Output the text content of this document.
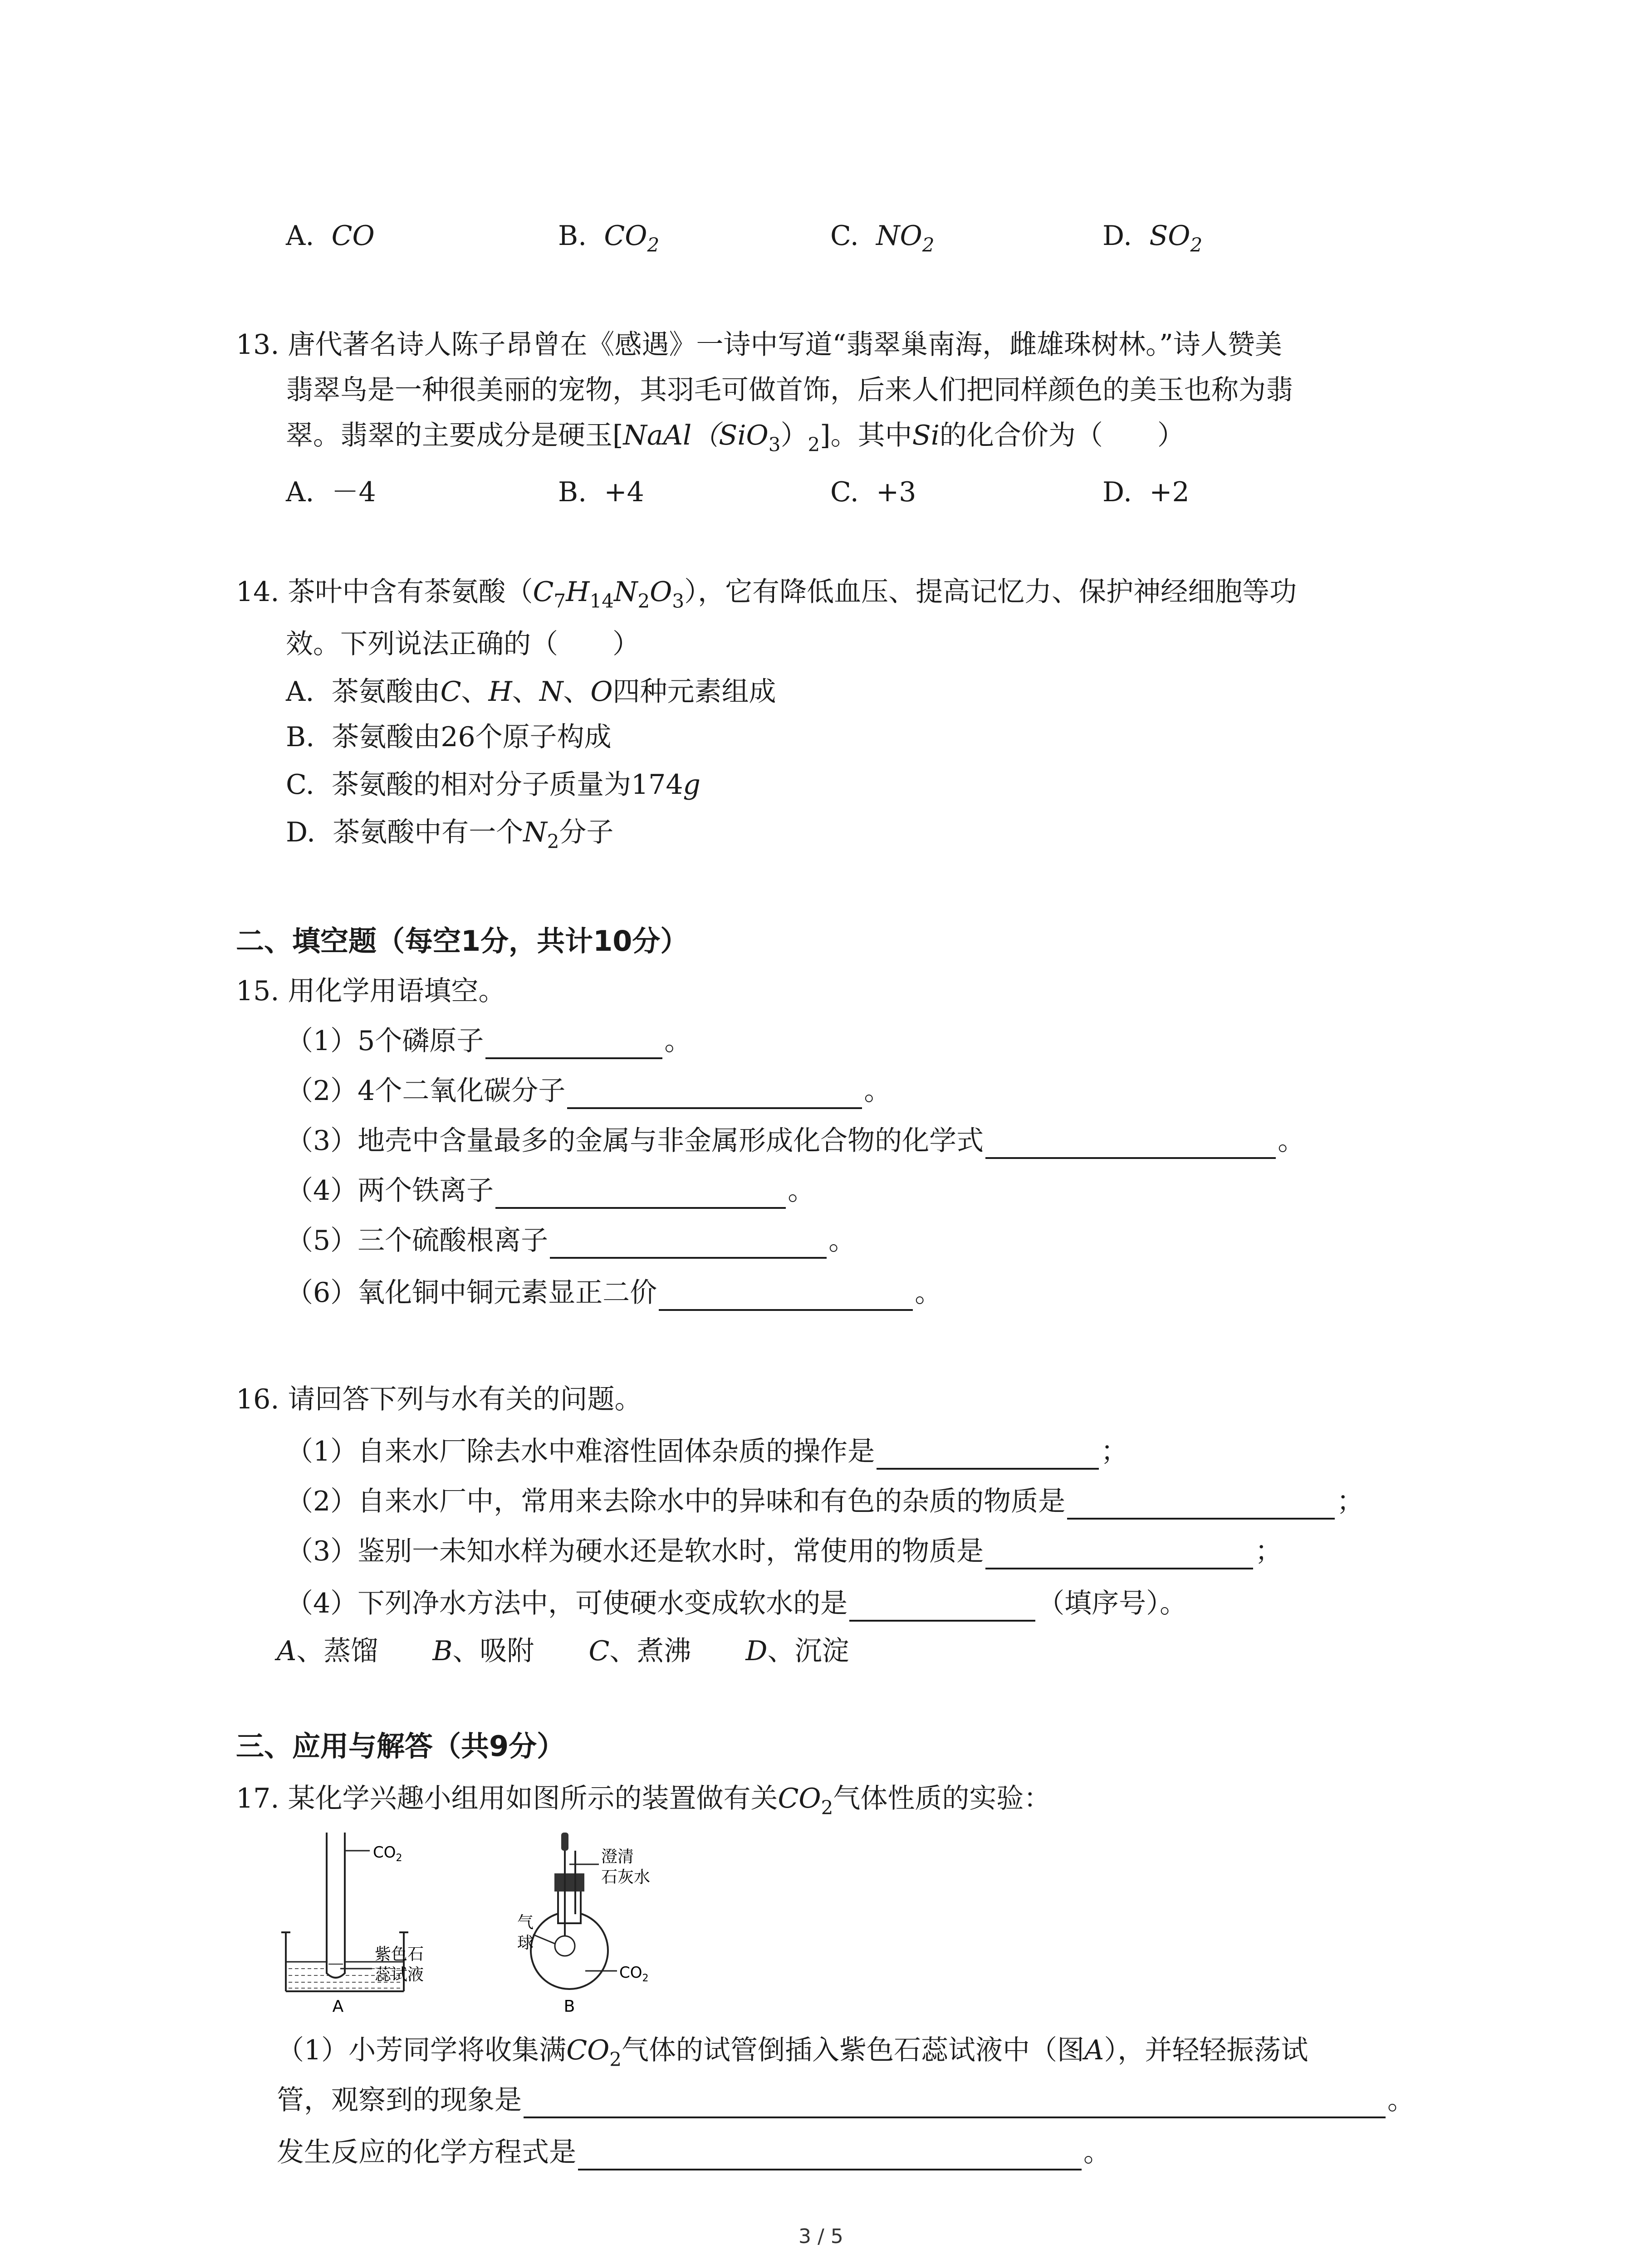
A. CO	B. $CO_2$	C. $NO_2$	D. $SO_2$
13. 唐代著名诗人陈子昂曾在《感遇》一诗中写道“翡翠巢南海，雌雄珠树林。”诗人赞美
翡翠鸟是一种很美丽的宠物，其羽毛可做首饰，后来人们把同样颜色的美玉也称为翡
翠。翡翠的主要成分是硬玉$[NaAl(SiO_3)_2]$。其中Si的化合价为（　　）
A. －4	B. +4	C. +3	D. +2
14. 茶叶中含有茶氨酸$(C_7H_{14}N_2O_3)$，它有降低血压、提高记忆力、保护神经细胞等功
效。下列说法正确的（　　）
A. 茶氨酸由C、H、N、O四种元素组成
B. 茶氨酸由26个原子构成
C. 茶氨酸的相对分子质量为174g
D. 茶氨酸中有一个$N_2$分子
二、填空题（每空1分，共计10分）
15. 用化学用语填空。
（1）5个磷原子	。
（2）4个二氧化碳分子	。
（3）地壳中含量最多的金属与非金属形成化合物的化学式	。
（4）两个铁离子	。
（5）三个硫酸根离子	。
（6）氧化铜中铜元素显正二价	。
16. 请回答下列与水有关的问题。
（1）自来水厂除去水中难溶性固体杂质的操作是	；
（2）自来水厂中，常用来去除水中的异味和有色的杂质的物质是	；
（3）鉴别一未知水样为硬水还是软水时，常使用的物质是	；
（4）下列净水方法中，可使硬水变成软水的是	（填序号）。
A、蒸馏 B、吸附 C、煮沸 D、沉淀
三、应用与解答（共9分）
17. 某化学兴趣小组用如图所示的装置做有关$CO_2$气体性质的实验：
$CO_2$
紫色石
蕊试液
A
澄清
石灰水
气
球
$CO_2$
B
（1）小芳同学将收集满$CO_2$气体的试管倒插入紫色石蕊试液中（图A），并轻轻振荡试
管，观察到的现象是	。
发生反应的化学方程式是	。
3 / 5
